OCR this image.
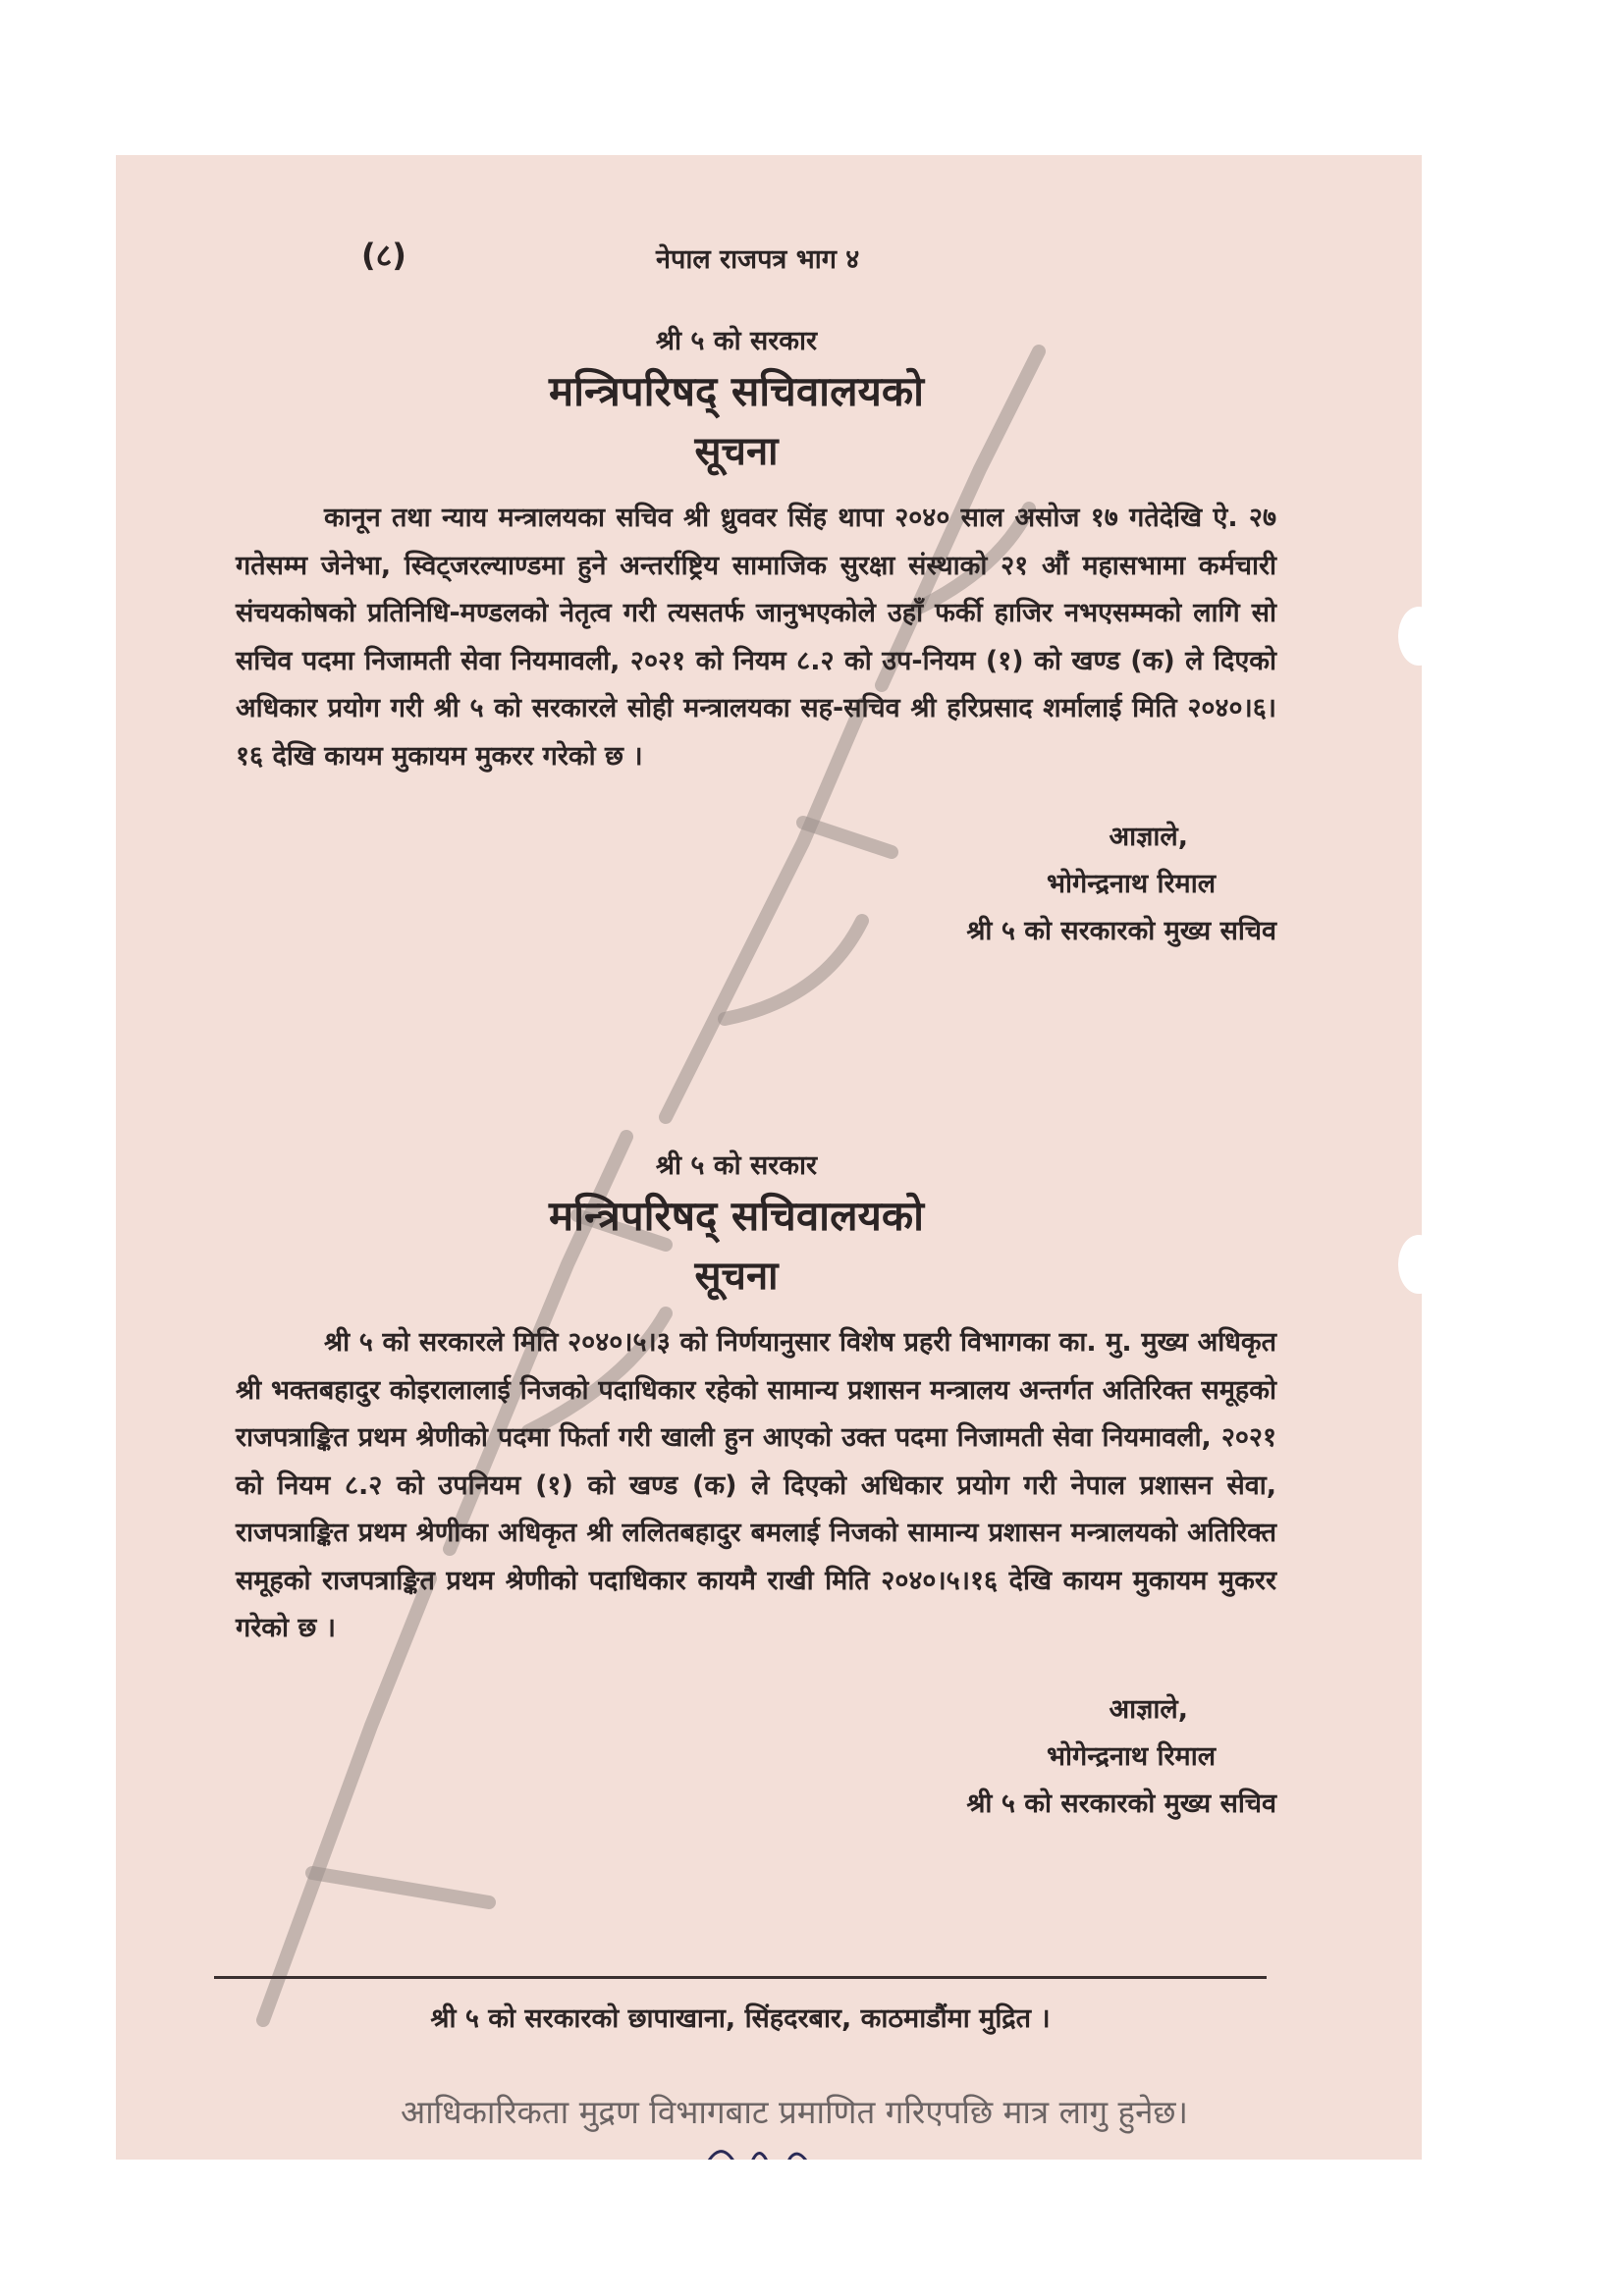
(८)	नेपाल राजपत्र भाग ४
श्री ५ को सरकार
मन्त्रिपरिषद् सचिवालयको
सूचना

कानून तथा न्याय मन्त्रालयका सचिव श्री ध्रुववर सिंह थापा २०४० साल असोज १७ गतेदेखि ऐ. २७ गतेसम्म जेनेभा, स्विट्जरल्याण्डमा हुने अन्तर्राष्ट्रिय सामाजिक सुरक्षा संस्थाको २१ औं महासभामा कर्मचारी संचयकोषको प्रतिनिधि-मण्डलको नेतृत्व गरी त्यसतर्फ जानुभएकोले उहाँ फर्की हाजिर नभएसम्मको लागि सो सचिव पदमा निजामती सेवा नियमावली, २०२१ को नियम ८.२ को उप-नियम (१) को खण्ड (क) ले दिएको अधिकार प्रयोग गरी श्री ५ को सरकारले सोही मन्त्रालयका सह-सचिव श्री हरिप्रसाद शर्मालाई मिति २०४०।६।१६ देखि कायम मुकायम मुकरर गरेको छ ।

आज्ञाले,
भोगेन्द्रनाथ रिमाल
श्री ५ को सरकारको मुख्य सचिव
श्री ५ को सरकार
मन्त्रिपरिषद् सचिवालयको
सूचना

श्री ५ को सरकारले मिति २०४०।५।३ को निर्णयानुसार विशेष प्रहरी विभागका का. मु. मुख्य अधिकृत श्री भक्तबहादुर कोइरालालाई निजको पदाधिकार रहेको सामान्य प्रशासन मन्त्रालय अन्तर्गत अतिरिक्त समूहको राजपत्राङ्कित प्रथम श्रेणीको पदमा फिर्ता गरी खाली हुन आएको उक्त पदमा निजामती सेवा नियमावली, २०२१ को नियम ८.२ को उपनियम (१) को खण्ड (क) ले दिएको अधिकार प्रयोग गरी नेपाल प्रशासन सेवा, राजपत्राङ्कित प्रथम श्रेणीका अधिकृत श्री ललितबहादुर बमलाई निजको सामान्य प्रशासन मन्त्रालयको अतिरिक्त समूहको राजपत्राङ्कित प्रथम श्रेणीको पदाधिकार कायमै राखी मिति २०४०।५।१६ देखि कायम मुकायम मुकरर गरेको छ ।

आज्ञाले,
भोगेन्द्रनाथ रिमाल
श्री ५ को सरकारको मुख्य सचिव
श्री ५ को सरकारको छापाखाना, सिंहदरबार, काठमाडौंमा मुद्रित ।
आधिकारिकता मुद्रण विभागबाट प्रमाणित गरिएपछि मात्र लागु हुनेछ।
